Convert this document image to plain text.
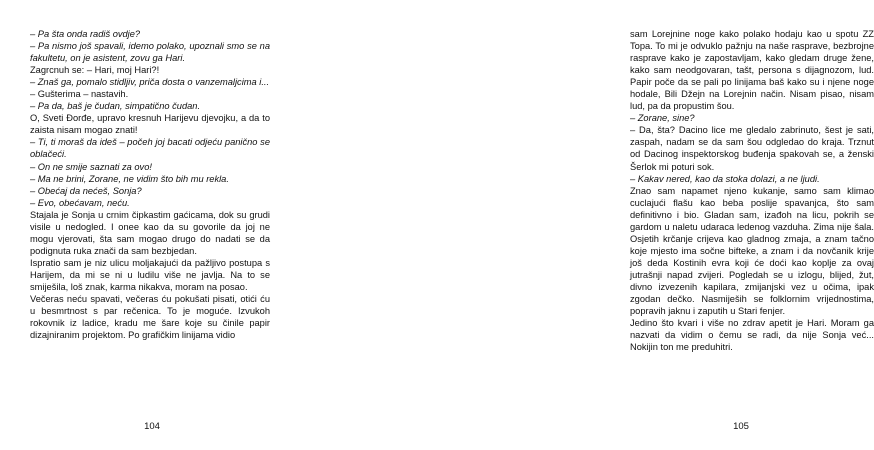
– Pa šta onda radiš ovdje?

– Pa nismo još spavali, idemo polako, upoznali smo se na fakultetu, on je asistent, zovu ga Hari.

Zagrcnuh se: – Hari, moj Hari?!

– Znaš ga, pomalo stidljiv, priča dosta o vanzemaljcima i...

– Gušterima – nastavih.

– Pa da, baš je čudan, simpatično čudan.

O, Sveti Đorđe, upravo kresnuh Harijevu djevojku, a da to zaista nisam mogao znati!

– Ti, ti moraš da ideš – počeh joj bacati odjeću panično se oblačeći.

– On ne smije saznati za ovo!

– Ma ne brini, Zorane, ne vidim što bih mu rekla.

– Obećaj da nećeš, Sonja?

– Evo, obećavam, neću.

Stajala je Sonja u crnim čipkastim gaćicama, dok su grudi visile u nedogled. I onee kao da su govorile da joj ne mogu vjerovati, šta sam mogao drugo do nadati se da podignuta ruka znači da sam bezbjedan.

Ispratio sam je niz ulicu moljakajući da pažljivo postupa s Harijem, da mi se ni u ludilu više ne javlja. Na to se smiješila, loš znak, karma nikakva, moram na posao.

Večeras neću spavati, večeras ću pokušati pisati, otići ću u besmrtnost s par rečenica. To je moguće. Izvukoh rokovnik iz ladice, kradu me šare koje su činile papir dizajniranim projektom. Po grafičkim linijama vidio

104

sam Lorejnine noge kako polako hodaju kao u spotu ZZ Topa. To mi je odvuklo pažnju na naše rasprave, bezbrojne rasprave kako je zapostavljam, kako gledam druge žene, kako sam neodgovaran, tašt, persona s dijagnozom, lud. Papir poče da se pali po linijama baš kako su i njene noge hodale, Bili Džejn na Lorejnin način. Nisam pisao, nisam lud, pa da propustim šou.

– Zorane, sine?

– Da, šta? Dacino lice me gledalo zabrinuto, šest je sati, zaspah, nadam se da sam šou odgledao do kraja. Trznut od Dacinog inspektorskog buđenja spakovah se, a ženski Šerlok mi poturi sok.

– Kakav nered, kao da stoka dolazi, a ne ljudi.

Znao sam napamet njeno kukanje, samo sam klimao cuclajući flašu kao beba poslije spavanjca, što sam definitivno i bio. Gladan sam, izađoh na licu, pokrih se gardom u naletu udaraca ledenog vazduha. Zima nije šala. Osjetih krčanje crijeva kao gladnog zmaja, a znam tačno koje mjesto ima sočne biftеke, a znam i da novčanik krije još deda Kostinih evra koji će doći kao koplje za ovaj jutrašnji napad zvijeri. Pogledah se u izlogu, blijed, žut, divno izvezenih kapilara, zmijanjski vez u očima, ipak zgodan dečko. Nasmiješih se folklornim vrijednostima, popravih jaknu i zaputih u Stari fenjer.

Jedino što kvari i više no zdrav apetit je Hari. Moram ga nazvati da vidim o čemu se radi, da nije Sonja već... Nokijin ton me preduhitri.

105
